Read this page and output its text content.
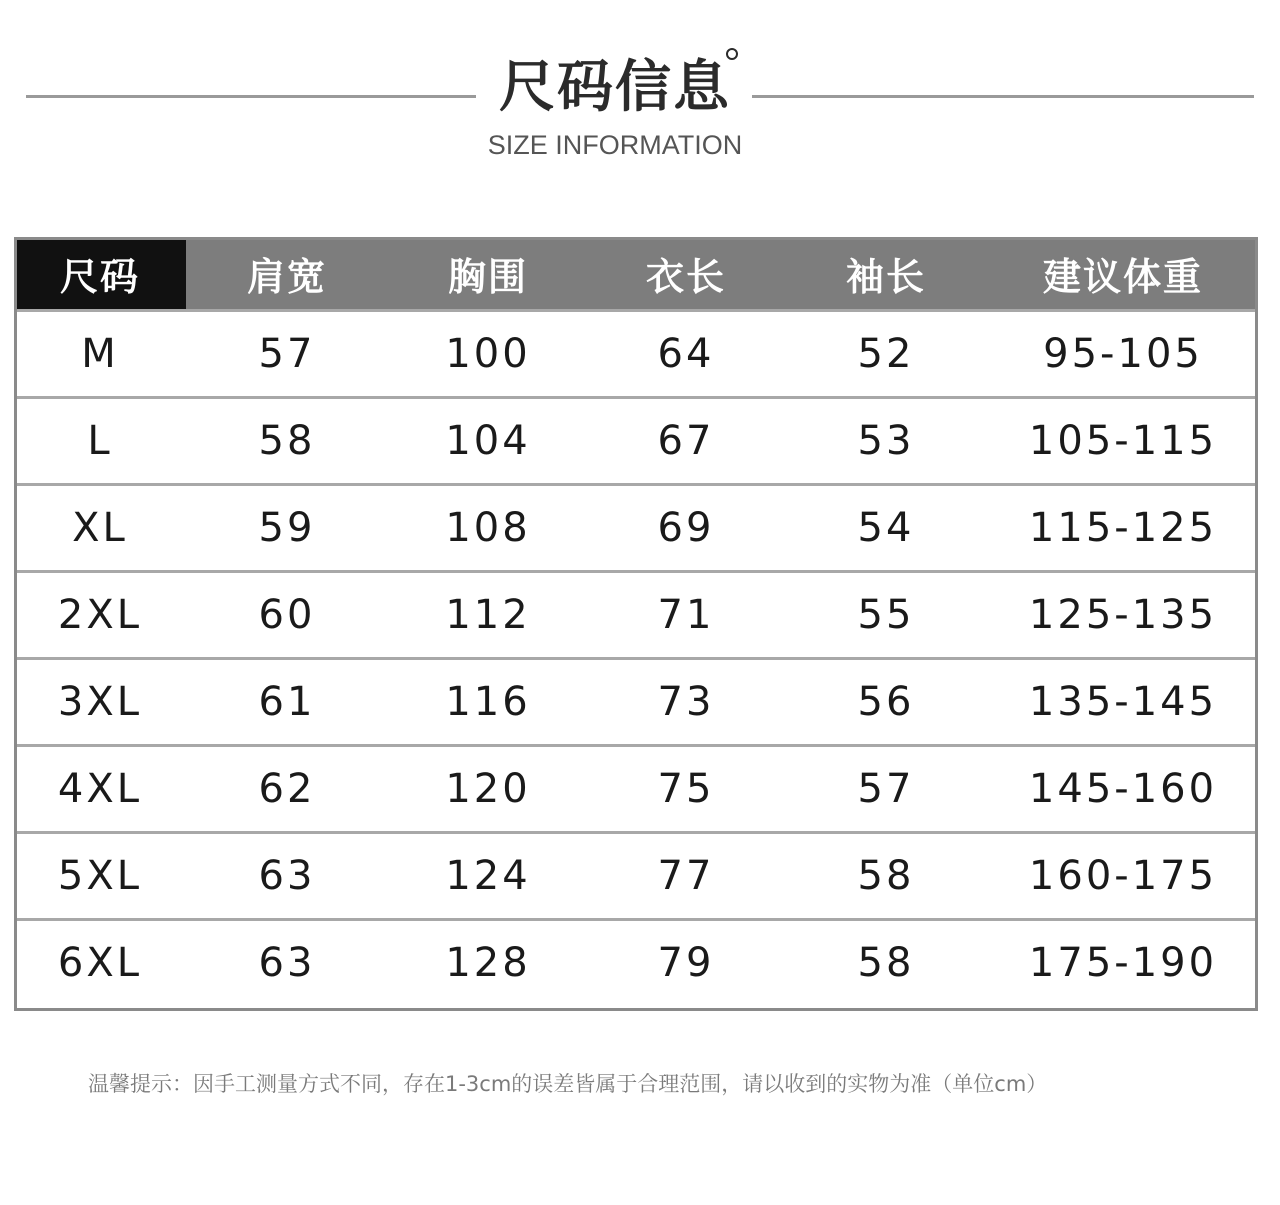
尺码信息
SIZE INFORMATION
尺码	肩宽	胸围	衣长	袖长	建议体重
M	57	100	64	52	95-105
L	58	104	67	53	105-115
XL	59	108	69	54	115-125
2XL	60	112	71	55	125-135
3XL	61	116	73	56	135-145
4XL	62	120	75	57	145-160
5XL	63	124	77	58	160-175
6XL	63	128	79	58	175-190
温馨提示：因手工测量方式不同，存在1-3cm的误差皆属于合理范围，请以收到的实物为准（单位cm）
